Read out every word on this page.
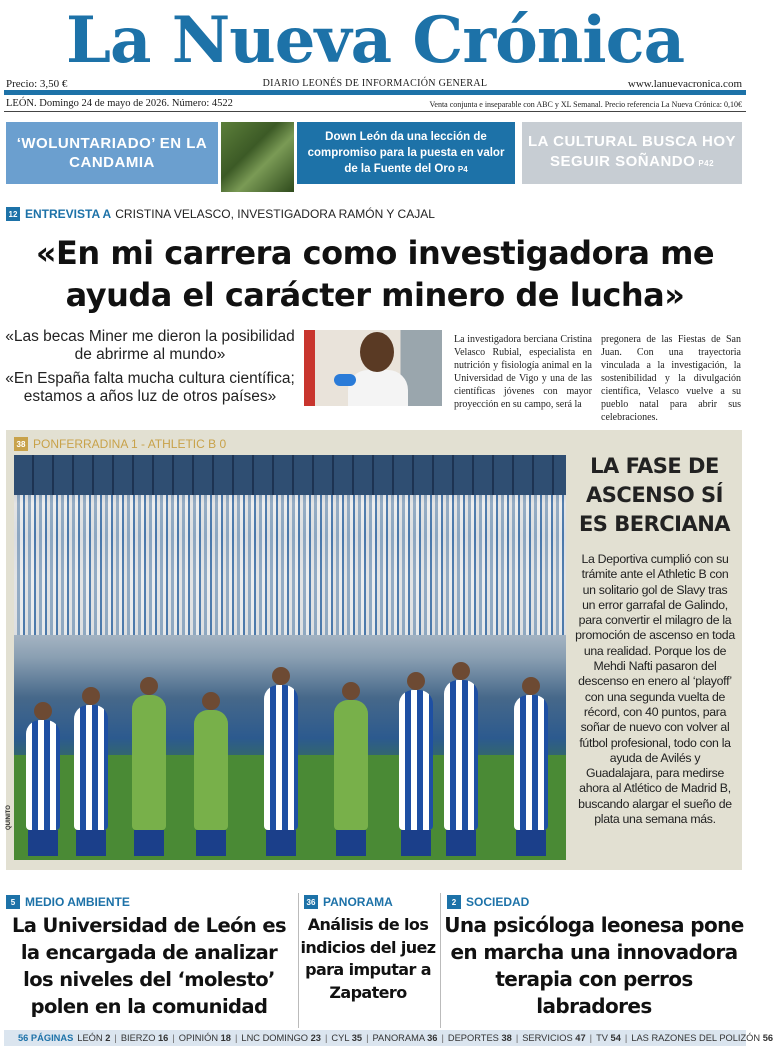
La Nueva Crónica
Precio: 3,50 €	DIARIO LEONÉS DE INFORMACIÓN GENERAL	www.lanuevacronica.com
LEÓN. Domingo 24 de mayo de 2026. Número: 4522	Venta conjunta e inseparable con ABC y XL Semanal. Precio referencia La Nueva Crónica: 0,10€
‘WOLUNTARIADO’ EN LA CANDAMIA
Down León da una lección de compromiso para la puesta en valor de la Fuente del Oro P4
LA CULTURAL BUSCA HOY SEGUIR SOÑANDO P42
12 ENTREVISTA A CRISTINA VELASCO, INVESTIGADORA RAMÓN Y CAJAL
«En mi carrera como investigadora me ayuda el carácter minero de lucha»

«Las becas Miner me dieron la posibilidad de abrirme al mundo»

«En España falta mucha cultura científica; estamos a años luz de otros países»

La investigadora berciana Cristina Velasco Rubial, especialista en nutrición y fisiología animal en la Universidad de Vigo y una de las científicas jóvenes con mayor proyección en su campo, será la
pregonera de las Fiestas de San Juan. Con una trayectoria vinculada a la investigación, la sostenibilidad y la divulgación científica, Velasco vuelve a su pueblo natal para abrir sus celebraciones.
38 PONFERRADINA 1 - ATHLETIC B 0
QUINITO
LA FASE DE ASCENSO SÍ ES BERCIANA
La Deportiva cumplió con su trámite ante el Athletic B con un solitario gol de Slavy tras un error garrafal de Galindo, para convertir el milagro de la promoción de ascenso en toda una realidad. Porque los de Mehdi Nafti pasaron del descenso en enero al ‘playoff’ con una segunda vuelta de récord, con 40 puntos, para soñar de nuevo con volver al fútbol profesional, todo con la ayuda de Avilés y Guadalajara, para medirse ahora al Atlético de Madrid B, buscando alargar el sueño de plata una semana más.
5 MEDIO AMBIENTE
La Universidad de León es la encargada de analizar los niveles del ‘molesto’ polen en la comunidad
36 PANORAMA
Análisis de los indicios del juez para imputar a Zapatero
2 SOCIEDAD
Una psicóloga leonesa pone en marcha una innovadora terapia con perros labradores
56 PÁGINAS LEÓN 2 | BIERZO 16 | OPINIÓN 18 | LNC DOMINGO 23 | CYL 35 | PANORAMA 36 | DEPORTES 38 | SERVICIOS 47 | TV 54 | LAS RAZONES DEL POLIZÓN 56
